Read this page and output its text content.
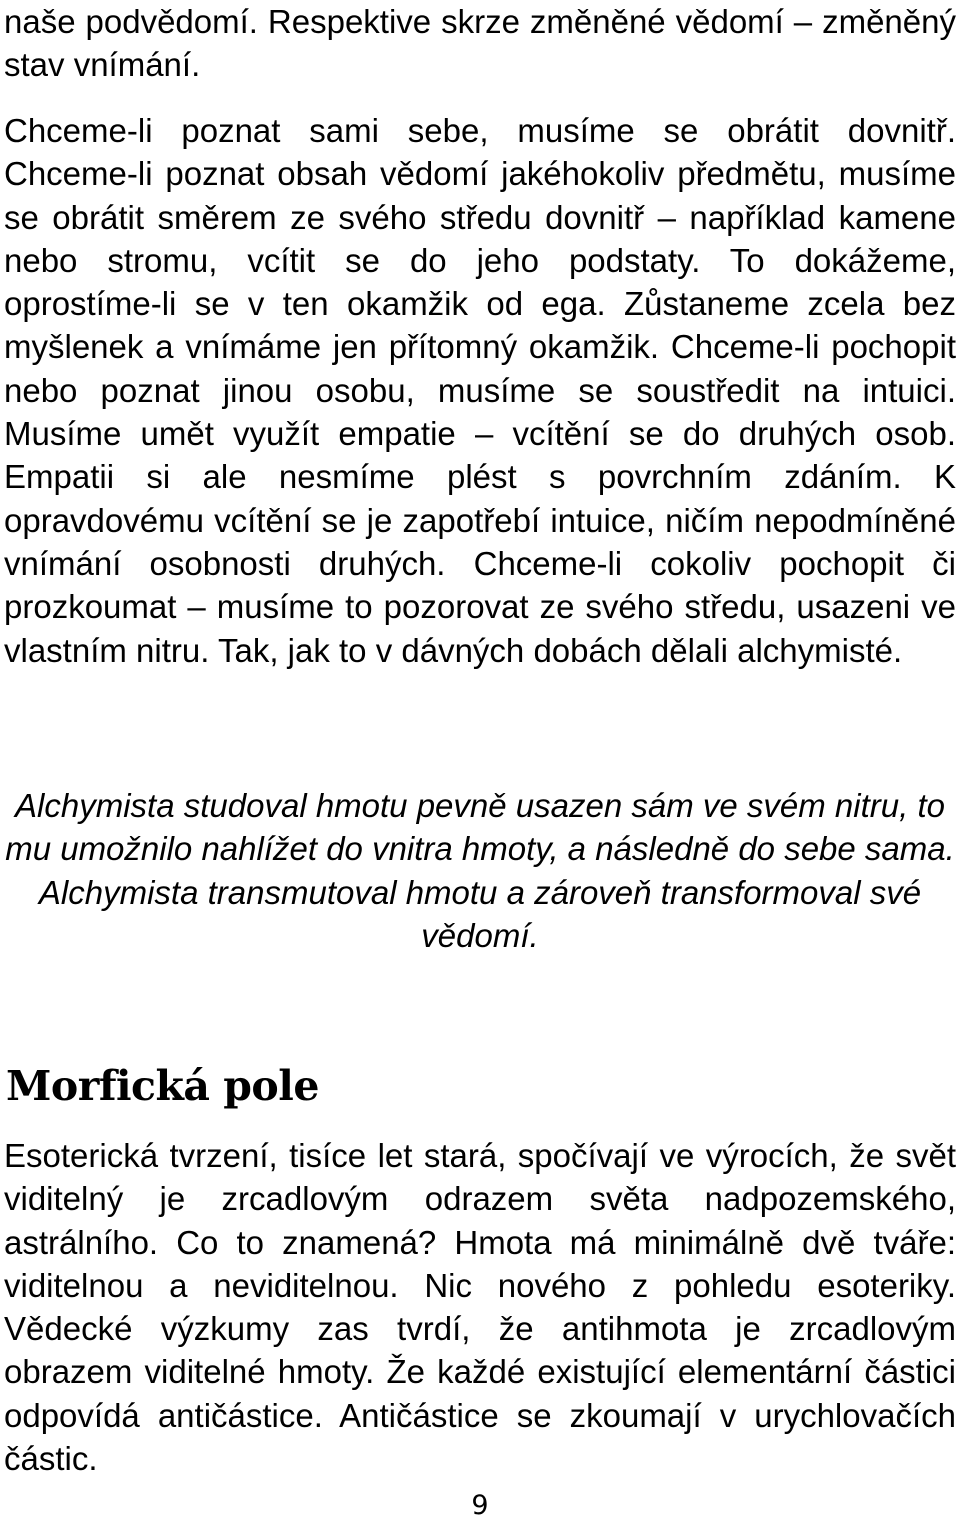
naše podvědomí. Respektive skrze změněné vědomí – změněný stav vnímání.

Chceme-li poznat sami sebe, musíme se obrátit dovnitř. Chceme-li poznat obsah vědomí jakéhokoliv předmětu, musíme se obrátit směrem ze svého středu dovnitř – například kamene nebo stromu, vcítit se do jeho podstaty. To dokážeme, oprostíme-li se v ten okamžik od ega. Zůstaneme zcela bez myšlenek a vnímáme jen přítomný okamžik. Chceme-li pochopit nebo poznat jinou osobu, musíme se soustředit na intuici. Musíme umět využít empatie – vcítění se do druhých osob. Empatii si ale nesmíme plést s povrchním zdáním. K opravdovému vcítění se je zapotřebí intuice, ničím nepodmíněné vnímání osobnosti druhých. Chceme-li cokoliv pochopit či prozkoumat – musíme to pozorovat ze svého středu, usazeni ve vlastním nitru. Tak, jak to v dávných dobách dělali alchymisté.

Alchymista studoval hmotu pevně usazen sám ve svém nitru, to mu umožnilo nahlížet do vnitra hmoty, a následně do sebe sama. Alchymista transmutoval hmotu a zároveň transformoval své vědomí.

Morfická pole

Esoterická tvrzení, tisíce let stará, spočívají ve výrocích, že svět viditelný je zrcadlovým odrazem světa nadpozemského, astrálního. Co to znamená? Hmota má minimálně dvě tváře: viditelnou a neviditelnou. Nic nového z pohledu esoteriky. Vědecké výzkumy zas tvrdí, že antihmota je zrcadlovým obrazem viditelné hmoty. Že každé existující elementární částici odpovídá antičástice. Antičástice se zkoumají v urychlovačích částic.

9
